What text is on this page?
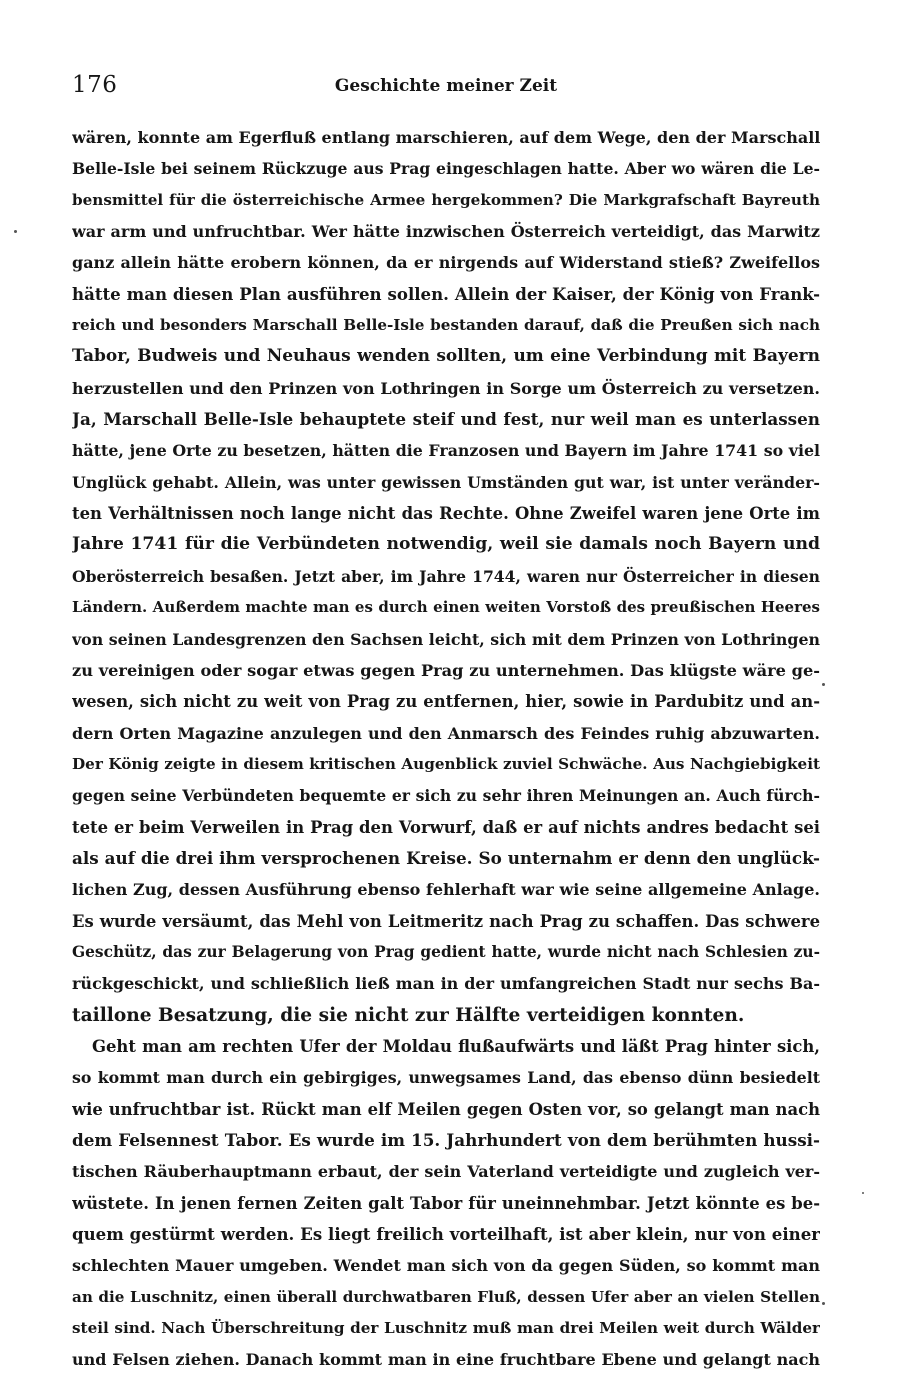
176	Geschichte meiner Zeit
wären, konnte am Egerfluß entlang marschieren, auf dem Wege, den der Marschall
Belle-Isle bei seinem Rückzuge aus Prag eingeschlagen hatte. Aber wo wären die Le-
bensmittel für die österreichische Armee hergekommen? Die Markgrafschaft Bayreuth
war arm und unfruchtbar. Wer hätte inzwischen Österreich verteidigt, das Marwitz
ganz allein hätte erobern können, da er nirgends auf Widerstand stieß? Zweifellos
hätte man diesen Plan ausführen sollen. Allein der Kaiser, der König von Frank-
reich und besonders Marschall Belle-Isle bestanden darauf, daß die Preußen sich nach
Tabor, Budweis und Neuhaus wenden sollten, um eine Verbindung mit Bayern
herzustellen und den Prinzen von Lothringen in Sorge um Österreich zu versetzen.
Ja, Marschall Belle-Isle behauptete steif und fest, nur weil man es unterlassen
hätte, jene Orte zu besetzen, hätten die Franzosen und Bayern im Jahre 1741 so viel
Unglück gehabt. Allein, was unter gewissen Umständen gut war, ist unter veränder-
ten Verhältnissen noch lange nicht das Rechte. Ohne Zweifel waren jene Orte im
Jahre 1741 für die Verbündeten notwendig, weil sie damals noch Bayern und
Oberösterreich besaßen. Jetzt aber, im Jahre 1744, waren nur Österreicher in diesen
Ländern. Außerdem machte man es durch einen weiten Vorstoß des preußischen Heeres
von seinen Landesgrenzen den Sachsen leicht, sich mit dem Prinzen von Lothringen
zu vereinigen oder sogar etwas gegen Prag zu unternehmen. Das klügste wäre ge-
wesen, sich nicht zu weit von Prag zu entfernen, hier, sowie in Pardubitz und an-
dern Orten Magazine anzulegen und den Anmarsch des Feindes ruhig abzuwarten.
Der König zeigte in diesem kritischen Augenblick zuviel Schwäche. Aus Nachgiebigkeit
gegen seine Verbündeten bequemte er sich zu sehr ihren Meinungen an. Auch fürch-
tete er beim Verweilen in Prag den Vorwurf, daß er auf nichts andres bedacht sei
als auf die drei ihm versprochenen Kreise. So unternahm er denn den unglück-
lichen Zug, dessen Ausführung ebenso fehlerhaft war wie seine allgemeine Anlage.
Es wurde versäumt, das Mehl von Leitmeritz nach Prag zu schaffen. Das schwere
Geschütz, das zur Belagerung von Prag gedient hatte, wurde nicht nach Schlesien zu-
rückgeschickt, und schließlich ließ man in der umfangreichen Stadt nur sechs Ba-
taillone Besatzung, die sie nicht zur Hälfte verteidigen konnten.
Geht man am rechten Ufer der Moldau flußaufwärts und läßt Prag hinter sich,
so kommt man durch ein gebirgiges, unwegsames Land, das ebenso dünn besiedelt
wie unfruchtbar ist. Rückt man elf Meilen gegen Osten vor, so gelangt man nach
dem Felsennest Tabor. Es wurde im 15. Jahrhundert von dem berühmten hussi-
tischen Räuberhauptmann erbaut, der sein Vaterland verteidigte und zugleich ver-
wüstete. In jenen fernen Zeiten galt Tabor für uneinnehmbar. Jetzt könnte es be-
quem gestürmt werden. Es liegt freilich vorteilhaft, ist aber klein, nur von einer
schlechten Mauer umgeben. Wendet man sich von da gegen Süden, so kommt man
an die Luschnitz, einen überall durchwatbaren Fluß, dessen Ufer aber an vielen Stellen
steil sind. Nach Überschreitung der Luschnitz muß man drei Meilen weit durch Wälder
und Felsen ziehen. Danach kommt man in eine fruchtbare Ebene und gelangt nach
